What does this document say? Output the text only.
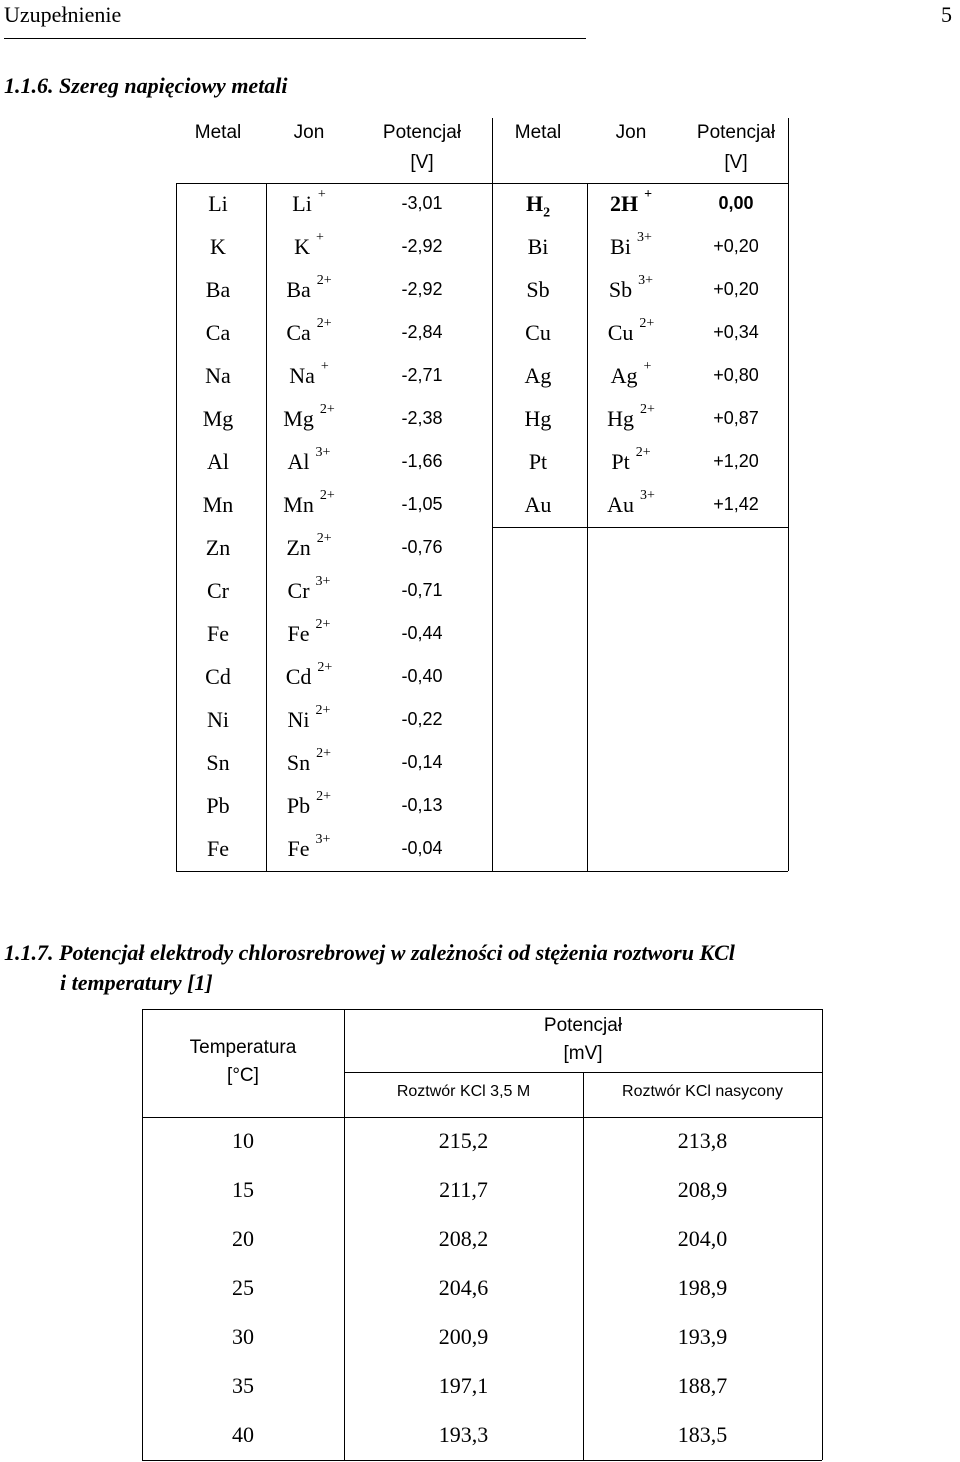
Uzupełnienie	5
1.1.6. Szereg napięciowy metali
Metal	Jon	Potencjał
[V]
Metal	Jon	Potencjał
[V]
Li	Li +	-3,01
K	K +	-2,92
Ba	Ba $^{2+}$	-2,92
Ca	Ca $^{2+}$	-2,84
Na	Na +	-2,71
Mg	Mg $^{2+}$	-2,38
Al	Al $^{3+}$	-1,66
Mn	Mn $^{2+}$	-1,05
Zn	Zn $^{2+}$	-0,76
Cr	Cr $^{3+}$	-0,71
Fe	Fe $^{2+}$	-0,44
Cd	Cd $^{2+}$	-0,40
Ni	Ni $^{2+}$	-0,22
Sn	Sn $^{2+}$	-0,14
Pb	Pb $^{2+}$	-0,13
Fe	Fe $^{3+}$	-0,04
$H_2$	2H +	0,00
Bi	Bi $^{3+}$	+0,20
Sb	Sb $^{3+}$	+0,20
Cu	Cu $^{2+}$	+0,34
Ag	Ag +	+0,80
Hg	Hg $^{2+}$	+0,87
Pt	Pt $^{2+}$	+1,20
Au	Au $^{3+}$	+1,42
1.1.7. Potencjał elektrody chlorosrebrowej w zależności od stężenia roztworu KCl
i temperatury [1]
Temperatura
[°C]
Potencjał
[mV]
Roztwór KCl 3,5 M	Roztwór KCl nasycony
10	215,2	213,8
15	211,7	208,9
20	208,2	204,0
25	204,6	198,9
30	200,9	193,9
35	197,1	188,7
40	193,3	183,5
